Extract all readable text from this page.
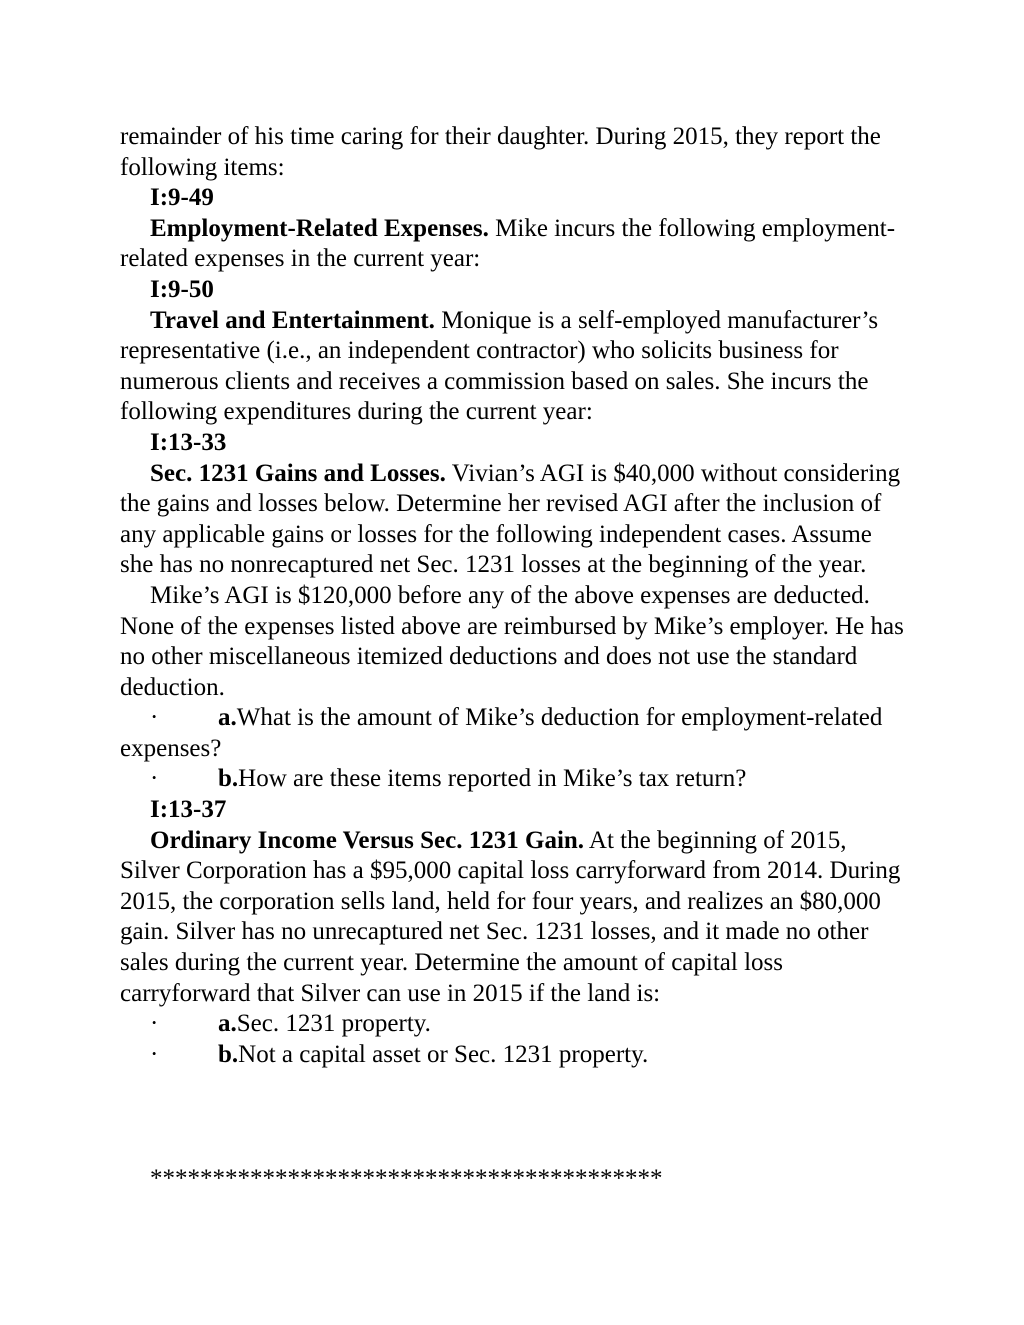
remainder of his time caring for their daughter. During 2015, they report the following items:

I:9-49

Employment-Related Expenses. Mike incurs the following employment-related expenses in the current year:

I:9-50

Travel and Entertainment. Monique is a self-employed manufacturer’s representative (i.e., an independent contractor) who solicits business for numerous clients and receives a commission based on sales. She incurs the following expenditures during the current year:

I:13-33

Sec. 1231 Gains and Losses. Vivian’s AGI is $40,000 without considering the gains and losses below. Determine her revised AGI after the inclusion of any applicable gains or losses for the following independent cases. Assume she has no nonrecaptured net Sec. 1231 losses at the beginning of the year.

Mike’s AGI is $120,000 before any of the above expenses are deducted. None of the expenses listed above are reimbursed by Mike’s employer. He has no other miscellaneous itemized deductions and does not use the standard deduction.

· a.What is the amount of Mike’s deduction for employment-related expenses?

· b.How are these items reported in Mike’s tax return?

I:13-37

Ordinary Income Versus Sec. 1231 Gain. At the beginning of 2015, Silver Corporation has a $95,000 capital loss carryforward from 2014. During 2015, the corporation sells land, held for four years, and realizes an $80,000 gain. Silver has no unrecaptured net Sec. 1231 losses, and it made no other sales during the current year. Determine the amount of capital loss carryforward that Silver can use in 2015 if the land is:

· a.Sec. 1231 property.

· b.Not a capital asset or Sec. 1231 property.

*****************************************
